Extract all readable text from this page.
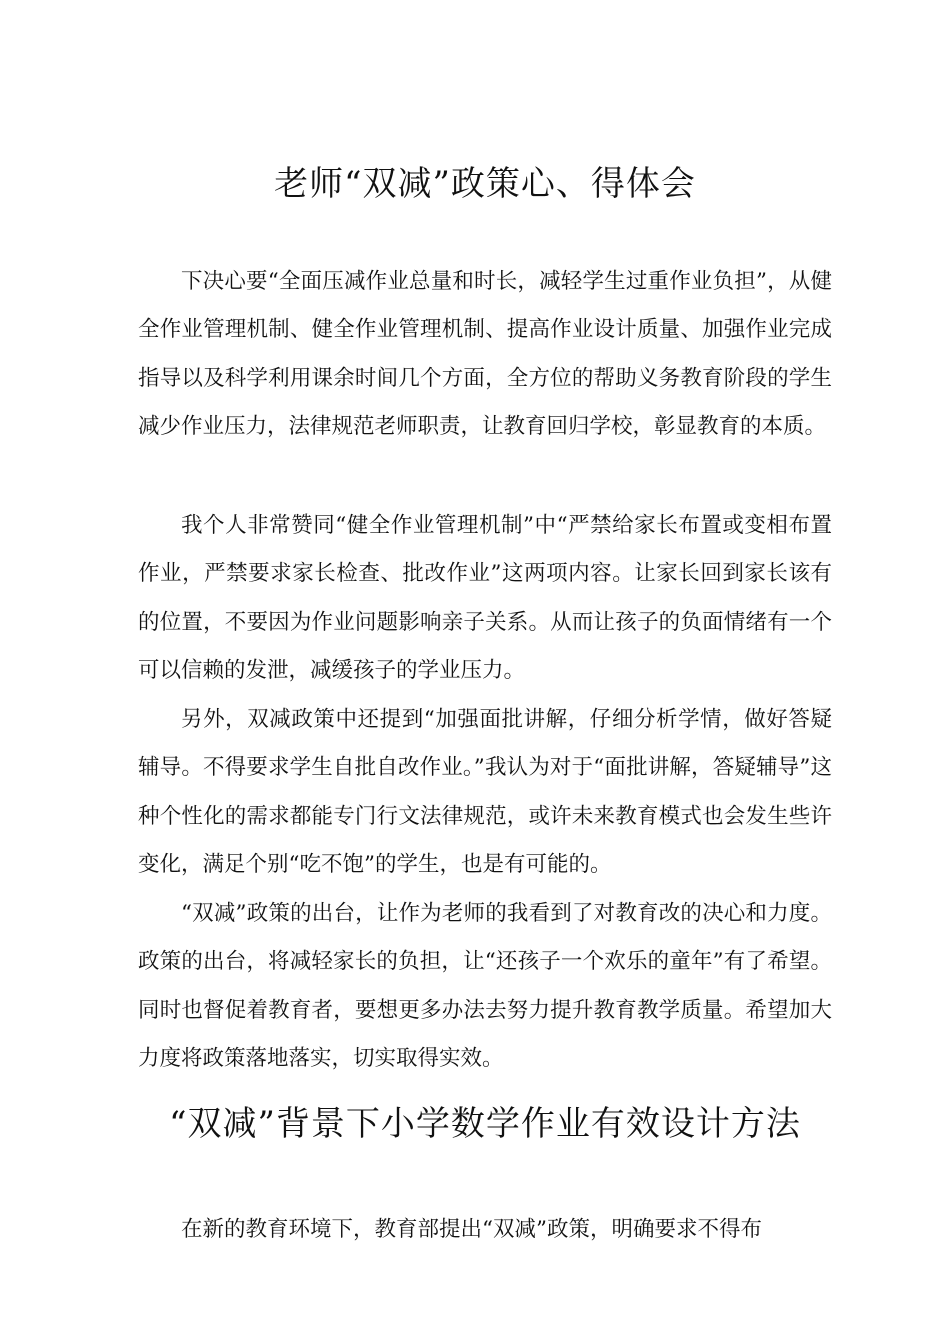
老师“双减”政策心、得体会

下决心要“全面压减作业总量和时长，减轻学生过重作业负担”，从健全作业管理机制、健全作业管理机制、提高作业设计质量、加强作业完成指导以及科学利用课余时间几个方面，全方位的帮助义务教育阶段的学生减少作业压力，法律规范老师职责，让教育回归学校，彰显教育的本质。

我个人非常赞同“健全作业管理机制”中“严禁给家长布置或变相布置作业，严禁要求家长检查、批改作业”这两项内容。让家长回到家长该有的位置，不要因为作业问题影响亲子关系。从而让孩子的负面情绪有一个可以信赖的发泄，减缓孩子的学业压力。

另外，双减政策中还提到“加强面批讲解，仔细分析学情，做好答疑辅导。不得要求学生自批自改作业。”我认为对于“面批讲解，答疑辅导”这种个性化的需求都能专门行文法律规范，或许未来教育模式也会发生些许变化，满足个别“吃不饱”的学生，也是有可能的。

“双减”政策的出台，让作为老师的我看到了对教育改的决心和力度。政策的出台，将减轻家长的负担，让“还孩子一个欢乐的童年”有了希望。同时也督促着教育者，要想更多办法去努力提升教育教学质量。希望加大力度将政策落地落实，切实取得实效。

“双减”背景下小学数学作业有效设计方法

在新的教育环境下，教育部提出“双减”政策，明确要求不得布
